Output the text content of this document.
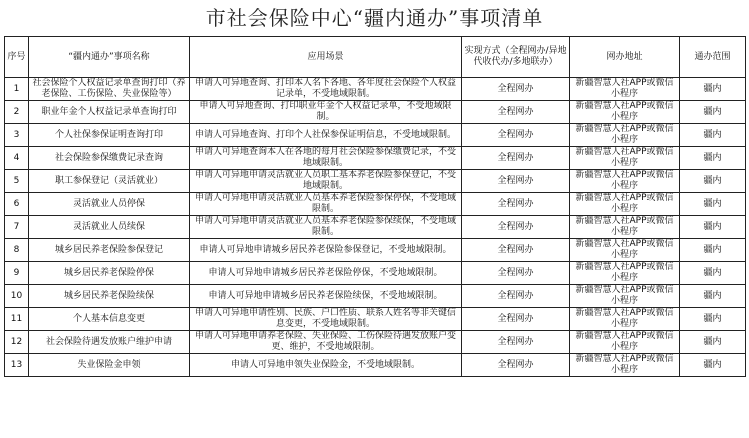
市社会保险中心“疆内通办”事项清单
序号	“疆内通办”事项名称	应用场景	实现方式（全程网办/异地代收代办/多地联办）	网办地址	通办范围
1	社会保险个人权益记录单查询打印（养老保险、工伤保险、失业保险等）	申请人可异地查询、打印本人名下各地、各年度社会保险个人权益记录单，不受地域限制。	全程网办	新疆智慧人社APP或微信小程序	疆内
2	职业年金个人权益记录单查询打印	申请人可异地查询、打印职业年金个人权益记录单，不受地域限制。	全程网办	新疆智慧人社APP或微信小程序	疆内
3	个人社保参保证明查询打印	申请人可异地查询、打印个人社保参保证明信息，不受地域限制。	全程网办	新疆智慧人社APP或微信小程序	疆内
4	社会保险参保缴费记录查询	申请人可异地查询本人在各地的每月社会保险参保缴费记录，不受地域限制。	全程网办	新疆智慧人社APP或微信小程序	疆内
5	职工参保登记（灵活就业）	申请人可异地申请灵活就业人员职工基本养老保险参保登记，不受地域限制。	全程网办	新疆智慧人社APP或微信小程序	疆内
6	灵活就业人员停保	申请人可异地申请灵活就业人员基本养老保险参保停保，不受地域限制。	全程网办	新疆智慧人社APP或微信小程序	疆内
7	灵活就业人员续保	申请人可异地申请灵活就业人员基本养老保险参保续保，不受地域限制。	全程网办	新疆智慧人社APP或微信小程序	疆内
8	城乡居民养老保险参保登记	申请人可异地申请城乡居民养老保险参保登记，不受地域限制。	全程网办	新疆智慧人社APP或微信小程序	疆内
9	城乡居民养老保险停保	申请人可异地申请城乡居民养老保险停保，不受地域限制。	全程网办	新疆智慧人社APP或微信小程序	疆内
10	城乡居民养老保险续保	申请人可异地申请城乡居民养老保险续保，不受地域限制。	全程网办	新疆智慧人社APP或微信小程序	疆内
11	个人基本信息变更	申请人可异地申请性别、民族、户口性质、联系人姓名等非关键信息变更，不受地域限制。	全程网办	新疆智慧人社APP或微信小程序	疆内
12	社会保险待遇发放账户维护申请	申请人可异地申请养老保险、失业保险、工伤保险待遇发放账户变更、维护，不受地域限制。	全程网办	新疆智慧人社APP或微信小程序	疆内
13	失业保险金申领	申请人可异地申领失业保险金，不受地域限制。	全程网办	新疆智慧人社APP或微信小程序	疆内
